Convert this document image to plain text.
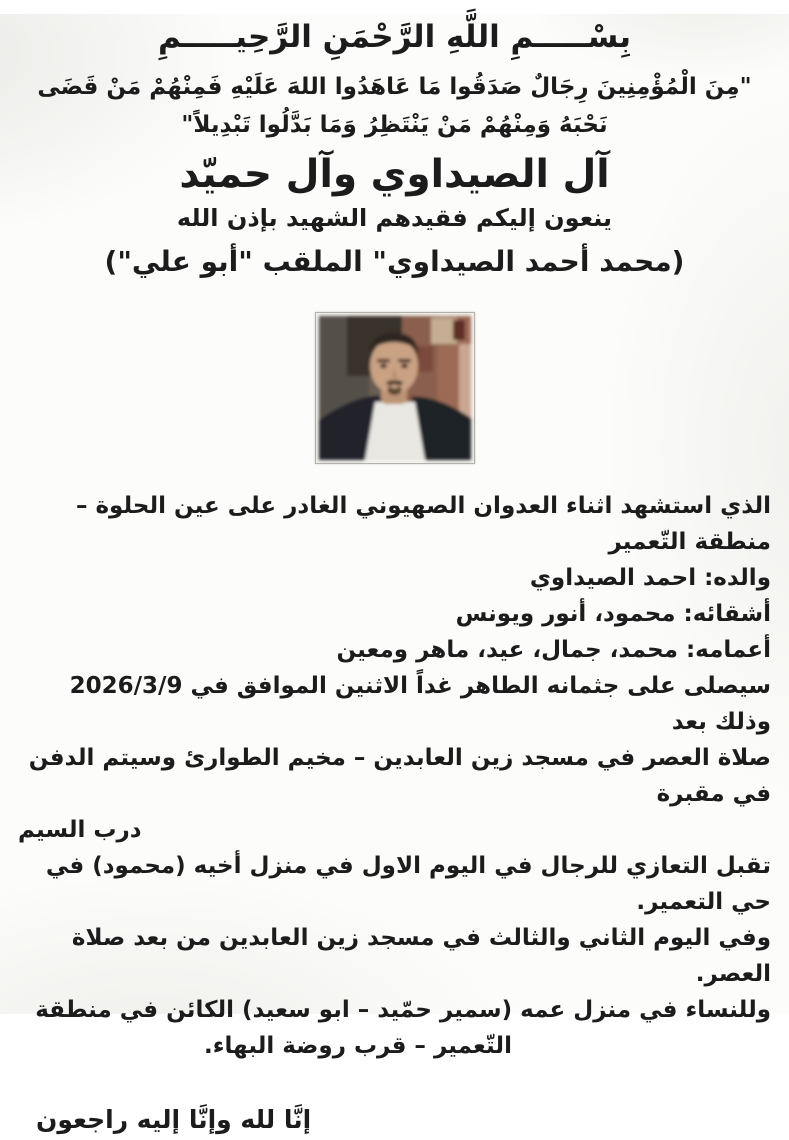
بِسْـــــمِ اللَّهِ الرَّحْمَنِ الرَّحِيـــــمِ
"مِنَ الْمُؤْمِنِينَ رِجَالٌ صَدَقُوا مَا عَاهَدُوا اللهَ عَلَيْهِ فَمِنْهُمْ مَنْ قَضَى
نَحْبَهُ وَمِنْهُمْ مَنْ يَنْتَظِرُ وَمَا بَدَّلُوا تَبْدِيلاً"
آل الصيداوي وآل حميّد
ينعون إليكم فقيدهم الشهيد بإذن الله
(محمد أحمد الصيداوي" الملقب "أبو علي")
الذي استشهد اثناء العدوان الصهيوني الغادر على عين الحلوة – منطقة التّعمير
والده: احمد الصيداوي
أشقائه: محمود، أنور ويونس
أعمامه: محمد، جمال، عيد، ماهر ومعين
سيصلى على جثمانه الطاهر غداً الاثنين الموافق في 2026/3/9 وذلك بعد
صلاة العصر في مسجد زين العابدين – مخيم الطوارئ وسيتم الدفن في مقبرة
درب السيم
تقبل التعازي للرجال في اليوم الاول في منزل أخيه (محمود) في حي التعمير.
وفي اليوم الثاني والثالث في مسجد زين العابدين من بعد صلاة العصر.
وللنساء في منزل عمه (سمير حمّيد – ابو سعيد) الكائن في منطقة
التّعمير – قرب روضة البهاء.
إنَّا لله وإنَّا إليه راجعون
